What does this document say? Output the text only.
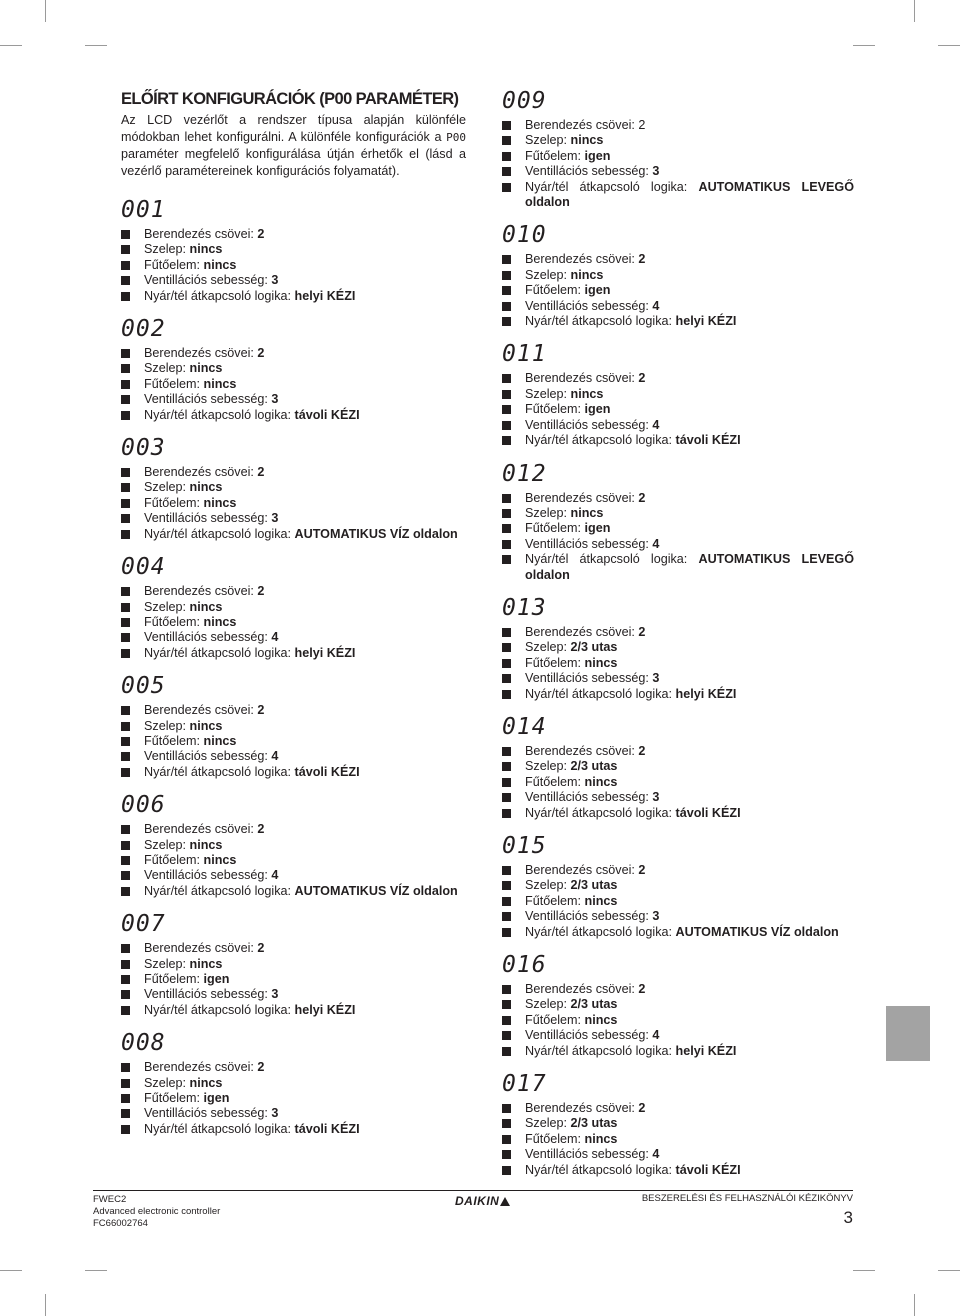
ELŐÍRT KONFIGURÁCIÓK (P00 PARAMÉTER)

Az LCD vezérlőt a rendszer típusa alapján különféle módokban lehet konfigurálni. A különféle konfigurációk a P00 paraméter megfelelő konfigurálása útján érhetők el (lásd a vezérlő paramétereinek konfigurációs folyamatát).

001
Berendezés csövei: 2
Szelep: nincs
Fűtőelem: nincs
Ventillációs sebesség: 3
Nyár/tél átkapcsoló logika: helyi KÉZI
002
Berendezés csövei: 2
Szelep: nincs
Fűtőelem: nincs
Ventillációs sebesség: 3
Nyár/tél átkapcsoló logika: távoli KÉZI
003
Berendezés csövei: 2
Szelep: nincs
Fűtőelem: nincs
Ventillációs sebesség: 3
Nyár/tél átkapcsoló logika: AUTOMATIKUS VÍZ oldalon
004
Berendezés csövei: 2
Szelep: nincs
Fűtőelem: nincs
Ventillációs sebesség: 4
Nyár/tél átkapcsoló logika: helyi KÉZI
005
Berendezés csövei: 2
Szelep: nincs
Fűtőelem: nincs
Ventillációs sebesség: 4
Nyár/tél átkapcsoló logika: távoli KÉZI
006
Berendezés csövei: 2
Szelep: nincs
Fűtőelem: nincs
Ventillációs sebesség: 4
Nyár/tél átkapcsoló logika: AUTOMATIKUS VÍZ oldalon
007
Berendezés csövei: 2
Szelep: nincs
Fűtőelem: igen
Ventillációs sebesség: 3
Nyár/tél átkapcsoló logika: helyi KÉZI
008
Berendezés csövei: 2
Szelep: nincs
Fűtőelem: igen
Ventillációs sebesség: 3
Nyár/tél átkapcsoló logika: távoli KÉZI
009
Berendezés csövei: 2
Szelep: nincs
Fűtőelem: igen
Ventillációs sebesség: 3
Nyár/tél átkapcsoló logika: AUTOMATIKUS LEVEGŐ oldalon
010
Berendezés csövei: 2
Szelep: nincs
Fűtőelem: igen
Ventillációs sebesség: 4
Nyár/tél átkapcsoló logika: helyi KÉZI
011
Berendezés csövei: 2
Szelep: nincs
Fűtőelem: igen
Ventillációs sebesség: 4
Nyár/tél átkapcsoló logika: távoli KÉZI
012
Berendezés csövei: 2
Szelep: nincs
Fűtőelem: igen
Ventillációs sebesség: 4
Nyár/tél átkapcsoló logika: AUTOMATIKUS LEVEGŐ oldalon
013
Berendezés csövei: 2
Szelep: 2/3 utas
Fűtőelem: nincs
Ventillációs sebesség: 3
Nyár/tél átkapcsoló logika: helyi KÉZI
014
Berendezés csövei: 2
Szelep: 2/3 utas
Fűtőelem: nincs
Ventillációs sebesség: 3
Nyár/tél átkapcsoló logika: távoli KÉZI
015
Berendezés csövei: 2
Szelep: 2/3 utas
Fűtőelem: nincs
Ventillációs sebesség: 3
Nyár/tél átkapcsoló logika: AUTOMATIKUS VÍZ oldalon
016
Berendezés csövei: 2
Szelep: 2/3 utas
Fűtőelem: nincs
Ventillációs sebesség: 4
Nyár/tél átkapcsoló logika: helyi KÉZI
017
Berendezés csövei: 2
Szelep: 2/3 utas
Fűtőelem: nincs
Ventillációs sebesség: 4
Nyár/tél átkapcsoló logika: távoli KÉZI
FWEC2
Advanced electronic controller
FC66002764
DAIKIN	BESZERELÉSI ÉS FELHASZNÁLÓI KÉZIKÖNYV
3
